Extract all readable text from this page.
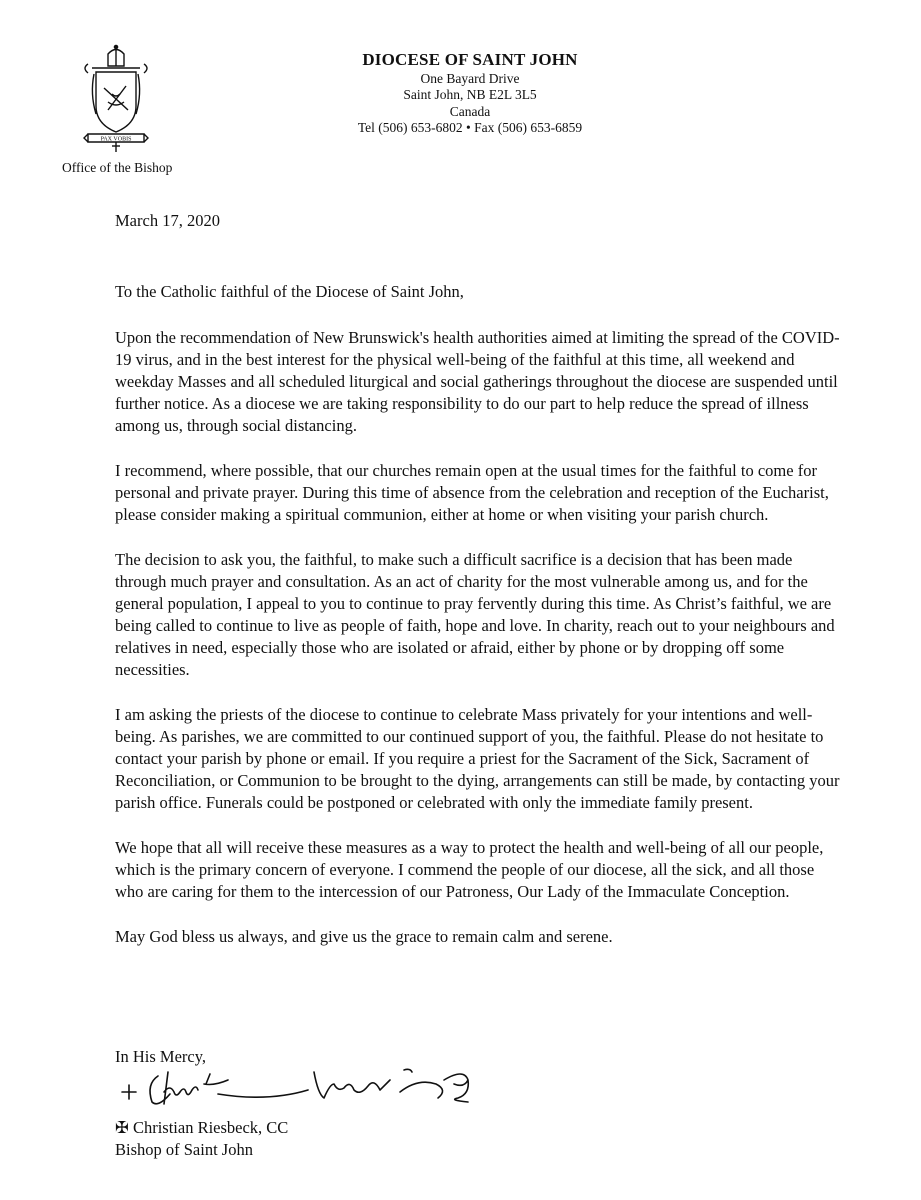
PAX VOBIS
Office of the Bishop
DIOCESE OF SAINT JOHN
One Bayard Drive
Saint John, NB E2L 3L5
Canada
Tel (506) 653-6802 • Fax (506) 653-6859
March 17, 2020

To the Catholic faithful of the Diocese of Saint John,

Upon the recommendation of New Brunswick's health authorities aimed at limiting the spread of the COVID-19 virus, and in the best interest for the physical well-being of the faithful at this time, all weekend and weekday Masses and all scheduled liturgical and social gatherings throughout the diocese are suspended until further notice. As a diocese we are taking responsibility to do our part to help reduce the spread of illness among us, through social distancing.

I recommend, where possible, that our churches remain open at the usual times for the faithful to come for personal and private prayer. During this time of absence from the celebration and reception of the Eucharist, please consider making a spiritual communion, either at home or when visiting your parish church.

The decision to ask you, the faithful, to make such a difficult sacrifice is a decision that has been made through much prayer and consultation. As an act of charity for the most vulnerable among us, and for the general population, I appeal to you to continue to pray fervently during this time. As Christ’s faithful, we are being called to continue to live as people of faith, hope and love. In charity, reach out to your neighbours and relatives in need, especially those who are isolated or afraid, either by phone or by dropping off some necessities.

I am asking the priests of the diocese to continue to celebrate Mass privately for your intentions and well-being. As parishes, we are committed to our continued support of you, the faithful. Please do not hesitate to contact your parish by phone or email. If you require a priest for the Sacrament of the Sick, Sacrament of Reconciliation, or Communion to be brought to the dying, arrangements can still be made, by contacting your parish office. Funerals could be postponed or celebrated with only the immediate family present.

We hope that all will receive these measures as a way to protect the health and well-being of all our people, which is the primary concern of everyone. I commend the people of our diocese, all the sick, and all those who are caring for them to the intercession of our Patroness, Our Lady of the Immaculate Conception.

May God bless us always, and give us the grace to remain calm and serene.

In His Mercy,
✠ Christian Riesbeck, CC
Bishop of Saint John
